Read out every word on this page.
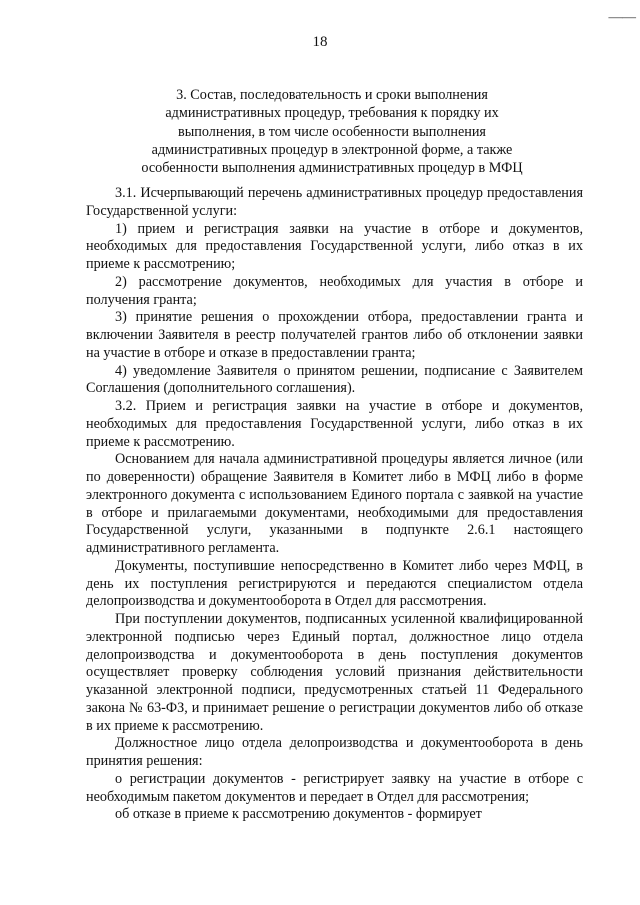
— —
18
3. Состав, последовательность и сроки выполнения
административных процедур, требования к порядку их
выполнения, в том числе особенности выполнения
административных процедур в электронной форме, а также
особенности выполнения административных процедур в МФЦ

3.1. Исчерпывающий перечень административных процедур предоставления Государственной услуги:

1) прием и регистрация заявки на участие в отборе и документов, необходимых для предоставления Государственной услуги, либо отказ в их приеме к рассмотрению;

2) рассмотрение документов, необходимых для участия в отборе и получения гранта;

3) принятие решения о прохождении отбора, предоставлении гранта и включении Заявителя в реестр получателей грантов либо об отклонении заявки на участие в отборе и отказе в предоставлении гранта;

4) уведомление Заявителя о принятом решении, подписание с Заявителем Соглашения (дополнительного соглашения).

3.2. Прием и регистрация заявки на участие в отборе и документов, необходимых для предоставления Государственной услуги, либо отказ в их приеме к рассмотрению.

Основанием для начала административной процедуры является личное (или по доверенности) обращение Заявителя в Комитет либо в МФЦ либо в форме электронного документа с использованием Единого портала с заявкой на участие в отборе и прилагаемыми документами, необходимыми для предоставления Государственной услуги, указанными в подпункте 2.6.1 настоящего административного регламента.

Документы, поступившие непосредственно в Комитет либо через МФЦ, в день их поступления регистрируются и передаются специалистом отдела делопроизводства и документооборота в Отдел для рассмотрения.

При поступлении документов, подписанных усиленной квалифицированной электронной подписью через Единый портал, должностное лицо отдела делопроизводства и документооборота в день поступления документов осуществляет проверку соблюдения условий признания действительности указанной электронной подписи, предусмотренных статьей 11 Федерального закона № 63-ФЗ, и принимает решение о регистрации документов либо об отказе в их приеме к рассмотрению.

Должностное лицо отдела делопроизводства и документооборота в день принятия решения:

о регистрации документов - регистрирует заявку на участие в отборе с необходимым пакетом документов и передает в Отдел для рассмотрения;

об отказе в приеме к рассмотрению документов - формирует
